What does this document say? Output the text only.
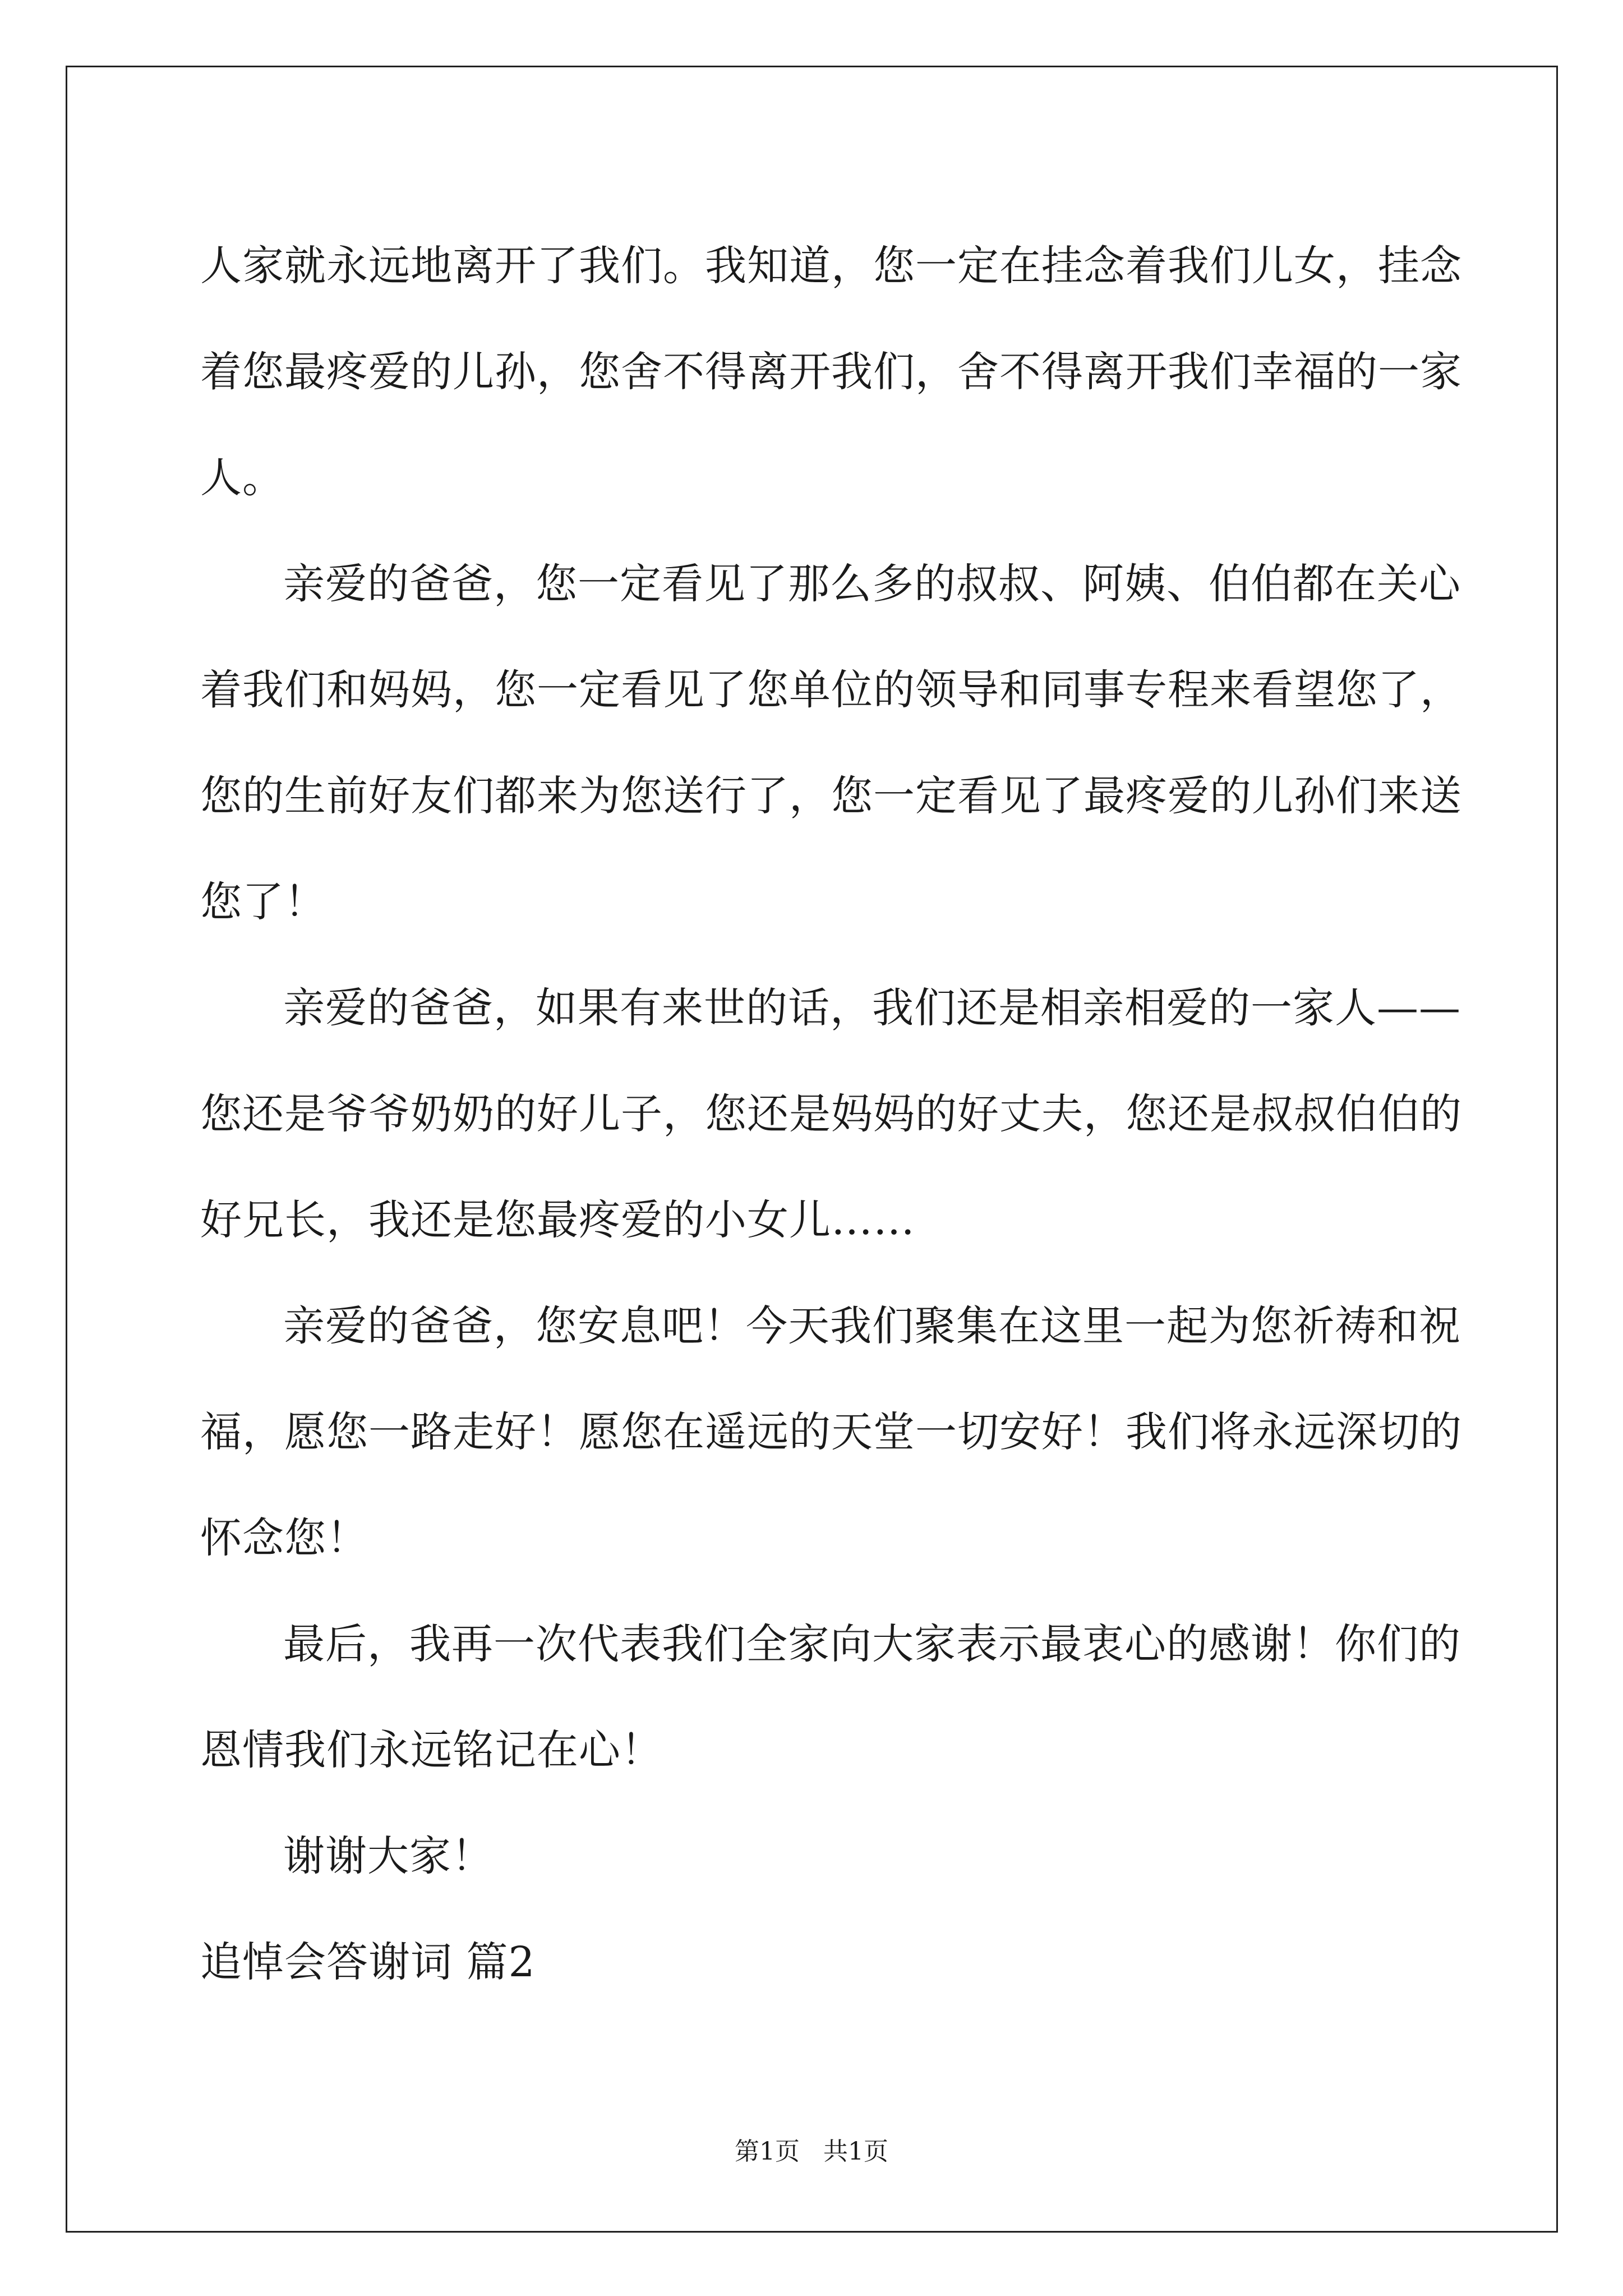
人家就永远地离开了我们。我知道，您一定在挂念着我们儿女，挂念
着您最疼爱的儿孙，您舍不得离开我们，舍不得离开我们幸福的一家
人。
亲爱的爸爸，您一定看见了那么多的叔叔、阿姨、伯伯都在关心
着我们和妈妈，您一定看见了您单位的领导和同事专程来看望您了，
您的生前好友们都来为您送行了，您一定看见了最疼爱的儿孙们来送
您了！
亲爱的爸爸，如果有来世的话，我们还是相亲相爱的一家人——
您还是爷爷奶奶的好儿子，您还是妈妈的好丈夫，您还是叔叔伯伯的
好兄长，我还是您最疼爱的小女儿……
亲爱的爸爸，您安息吧！今天我们聚集在这里一起为您祈祷和祝
福，愿您一路走好！愿您在遥远的天堂一切安好！我们将永远深切的
怀念您！
最后，我再一次代表我们全家向大家表示最衷心的感谢！你们的
恩情我们永远铭记在心！
谢谢大家！
追悼会答谢词 篇2
第1页   共1页
